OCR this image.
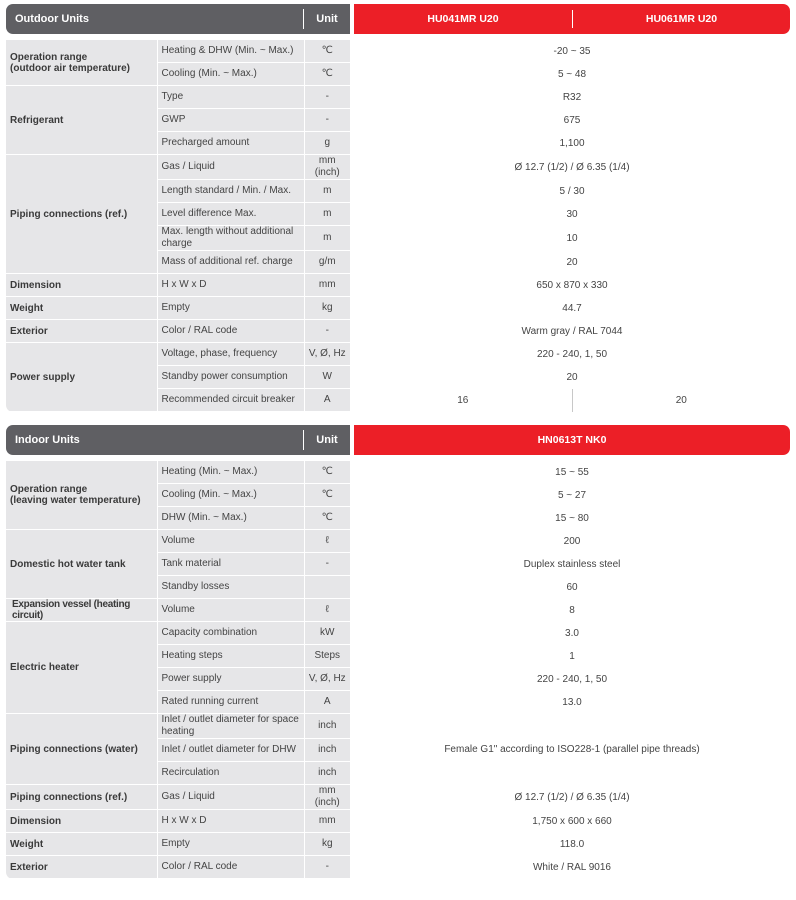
Outdoor Units	Unit	HU041MR U20	HU061MR U20
Operation range
(outdoor air temperature)	Heating & DHW (Min. ~ Max.)	℃		-20 ~ 35	
	Cooling (Min. ~ Max.)	℃		5 ~ 48	
Refrigerant	Type	-		R32	
	GWP	-		675	
	Precharged amount	g		1,100	
Piping connections (ref.)	Gas / Liquid	mm (inch)		Ø 12.7 (1/2) / Ø 6.35 (1/4)	
	Length standard / Min. / Max.	m		5 / 30	
	Level difference Max.	m		30	
	Max. length without additional charge	m		10	
	Mass of additional ref. charge	g/m		20	
Dimension	H x W x D	mm		650 x 870 x 330	
Weight	Empty	kg		44.7	
Exterior	Color / RAL code	-		Warm gray / RAL 7044	
Power supply	Voltage, phase, frequency	V, Ø, Hz		220 - 240, 1, 50	
	Standby power consumption	W		20	
	Recommended circuit breaker	A		16	20
Indoor Units	Unit	HN0613T NK0
Operation range
(leaving water temperature)	Heating (Min. ~ Max.)	℃		15 ~ 55
	Cooling (Min. ~ Max.)	℃		5 ~ 27
	DHW (Min. ~ Max.)	℃		15 ~ 80
Domestic hot water tank	Volume	ℓ		200
	Tank material	-		Duplex stainless steel
	Standby losses			60
Expansion vessel (heating circuit)	Volume	ℓ		8
Electric heater	Capacity combination	kW		3.0
	Heating steps	Steps		1
	Power supply	V, Ø, Hz		220 - 240, 1, 50
	Rated running current	A		13.0
Piping connections (water)	Inlet / outlet diameter for space heating	inch		Female G1" according to ISO228-1 (parallel pipe threads)
	Inlet / outlet diameter for DHW	inch		
	Recirculation	inch		
Piping connections (ref.)	Gas / Liquid	mm (inch)		Ø 12.7 (1/2) / Ø 6.35 (1/4)
Dimension	H x W x D	mm		1,750 x 600 x 660
Weight	Empty	kg		118.0
Exterior	Color / RAL code	-		White / RAL 9016
